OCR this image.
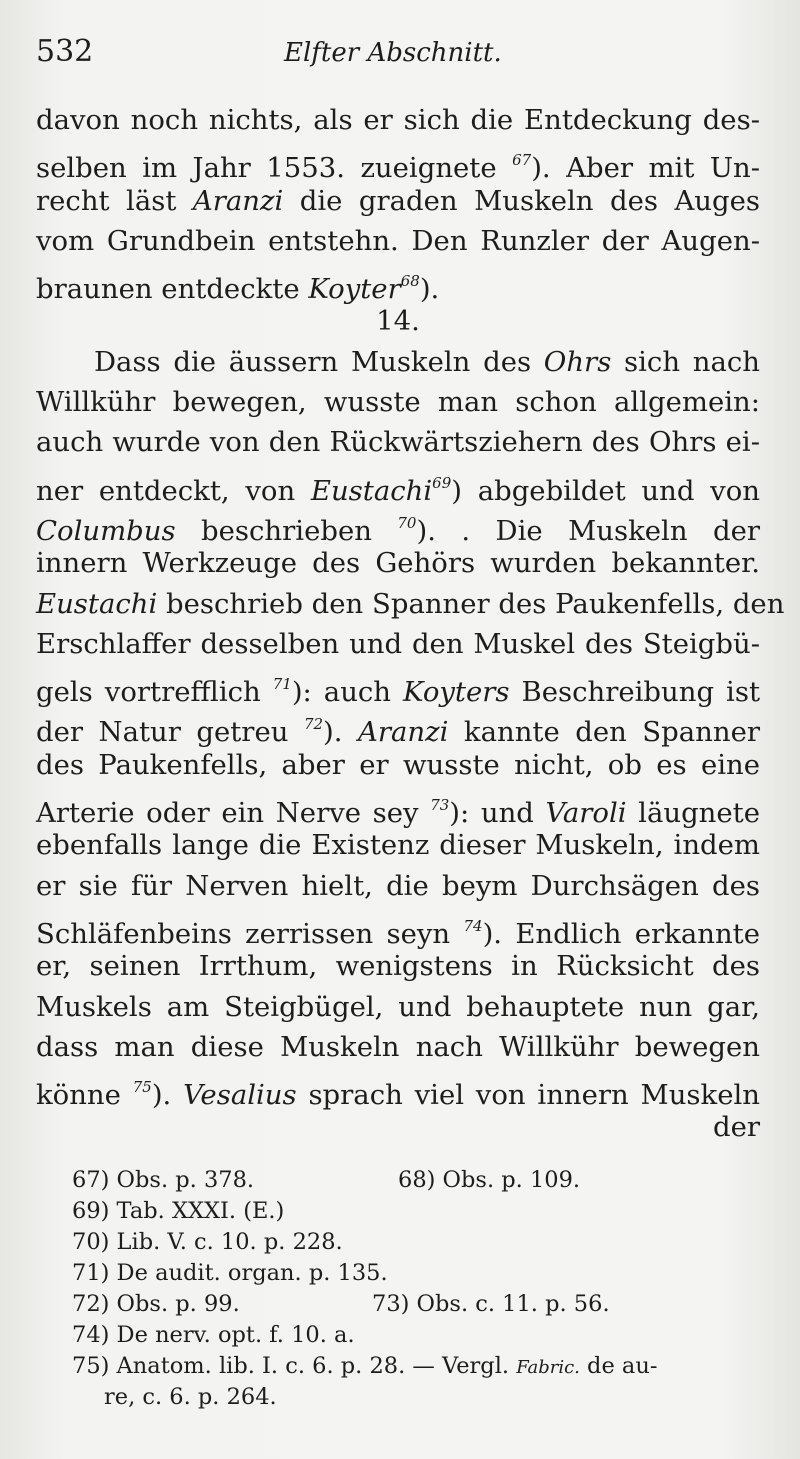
532	Elfter Abschnitt.
davon noch nichts, als er sich die Entdeckung des-
selben im Jahr 1553. zueignete $^{67}$). Aber mit Un-
recht läst Aranzi die graden Muskeln des Auges
vom Grundbein entstehn. Den Runzler der Augen-
braunen entdeckte Koyter$^{68}$).
14.
Dass die äussern Muskeln des Ohrs sich nach
Willkühr bewegen, wusste man schon allgemein:
auch wurde von den Rückwärtsziehern des Ohrs ei-
ner entdeckt, von Eustachi$^{69}$) abgebildet und von
Columbus beschrieben $^{70}$). . Die Muskeln der
innern Werkzeuge des Gehörs wurden bekannter.
Eustachi beschrieb den Spanner des Paukenfells, den
Erschlaffer desselben und den Muskel des Steigbü-
gels vortrefflich $^{71}$): auch Koyters Beschreibung ist
der Natur getreu $^{72}$). Aranzi kannte den Spanner
des Paukenfells, aber er wusste nicht, ob es eine
Arterie oder ein Nerve sey $^{73}$): und Varoli läugnete
ebenfalls lange die Existenz dieser Muskeln, indem
er sie für Nerven hielt, die beym Durchsägen des
Schläfenbeins zerrissen seyn $^{74}$). Endlich erkannte
er, seinen Irrthum, wenigstens in Rücksicht des
Muskels am Steigbügel, und behauptete nun gar,
dass man diese Muskeln nach Willkühr bewegen
könne $^{75}$). Vesalius sprach viel von innern Muskeln
der
67) Obs. p. 378.	68) Obs. p. 109.
69) Tab. XXXI. (E.)
70) Lib. V. c. 10. p. 228.
71) De audit. organ. p. 135.
72) Obs. p. 99.	73) Obs. c. 11. p. 56.
74) De nerv. opt. f. 10. a.
75) Anatom. lib. I. c. 6. p. 28. — Vergl. Fabric. de au-
re, c. 6. p. 264.
